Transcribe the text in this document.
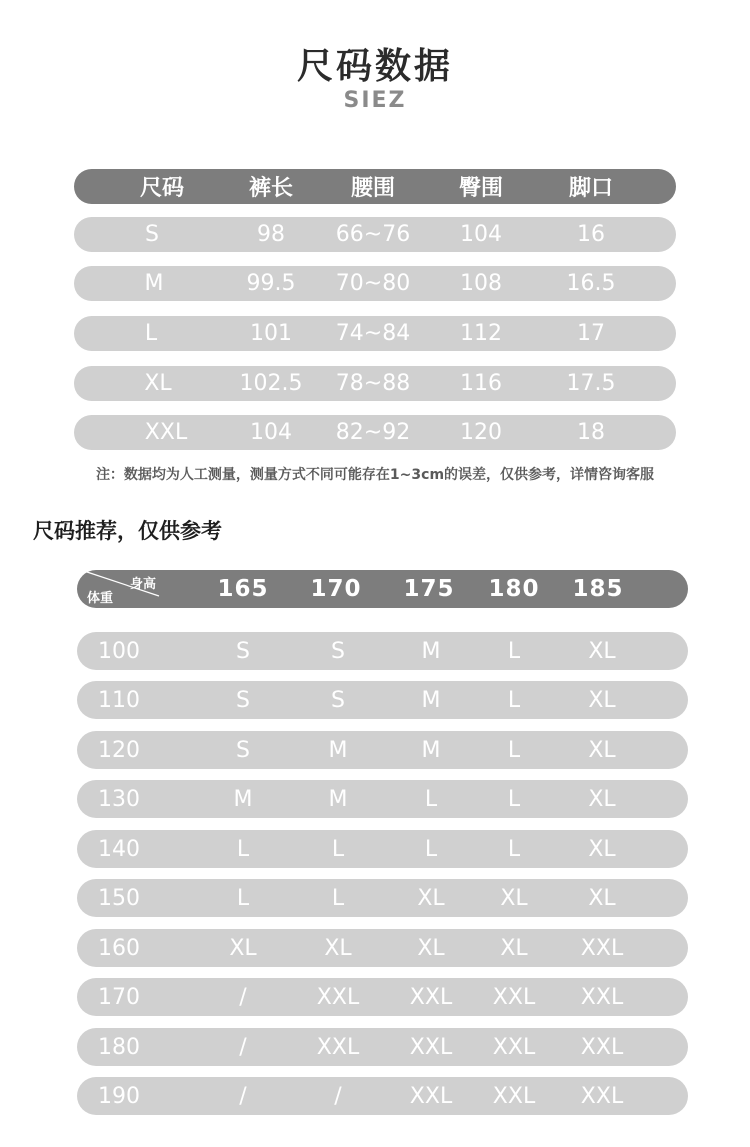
尺码数据
SIEZ
尺码	裤长	腰围	臀围	脚口
S	98	66~76	104	16
M	99.5	70~80	108	16.5
L	101	74~84	112	17
XL	102.5	78~88	116	17.5
XXL	104	82~92	120	18
注：数据均为人工测量，测量方式不同可能存在1~3cm的误差，仅供参考，详情咨询客服
尺码推荐，仅供参考
身高
体重	165	170	175	180	185
100	S	S	M	L	XL
110	S	S	M	L	XL
120	S	M	M	L	XL
130	M	M	L	L	XL
140	L	L	L	L	XL
150	L	L	XL	XL	XL
160	XL	XL	XL	XL	XXL
170	/	XXL	XXL	XXL	XXL
180	/	XXL	XXL	XXL	XXL
190	/	/	XXL	XXL	XXL
